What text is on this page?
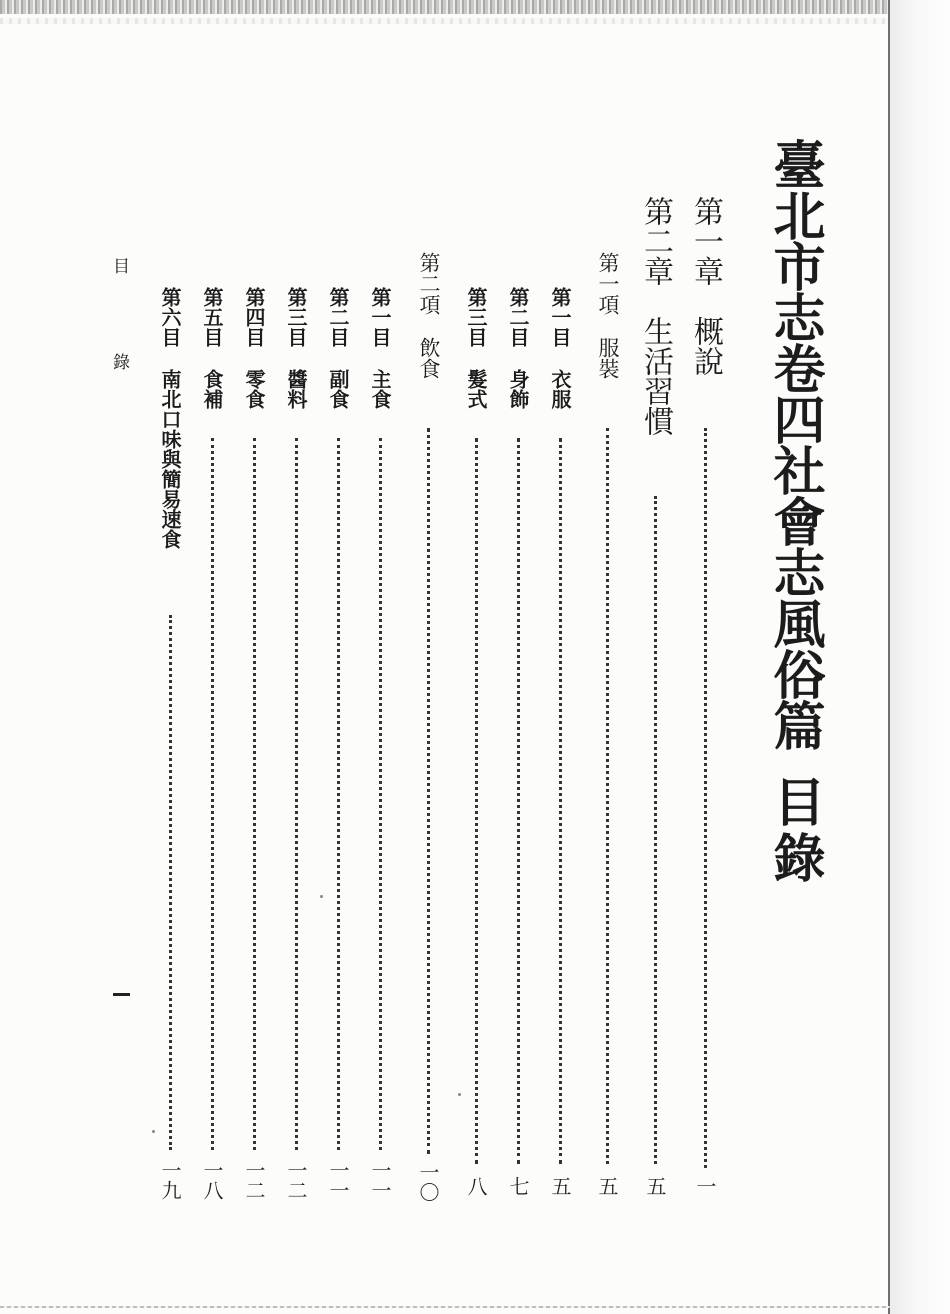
臺北市志卷四社會志風俗篇
目錄
第一章概說
一
第二章生活習慣
五
第一項服裝
五
第一目衣服
五
第二目身飾
七
第三目髮式
八
第二項飲食
一〇
第一目主食
一一
第二目副食
一一
第三目醬料
一二
第四目零食
一二
第五目食補
一八
第六目南北口味與簡易速食
一九
目
錄
